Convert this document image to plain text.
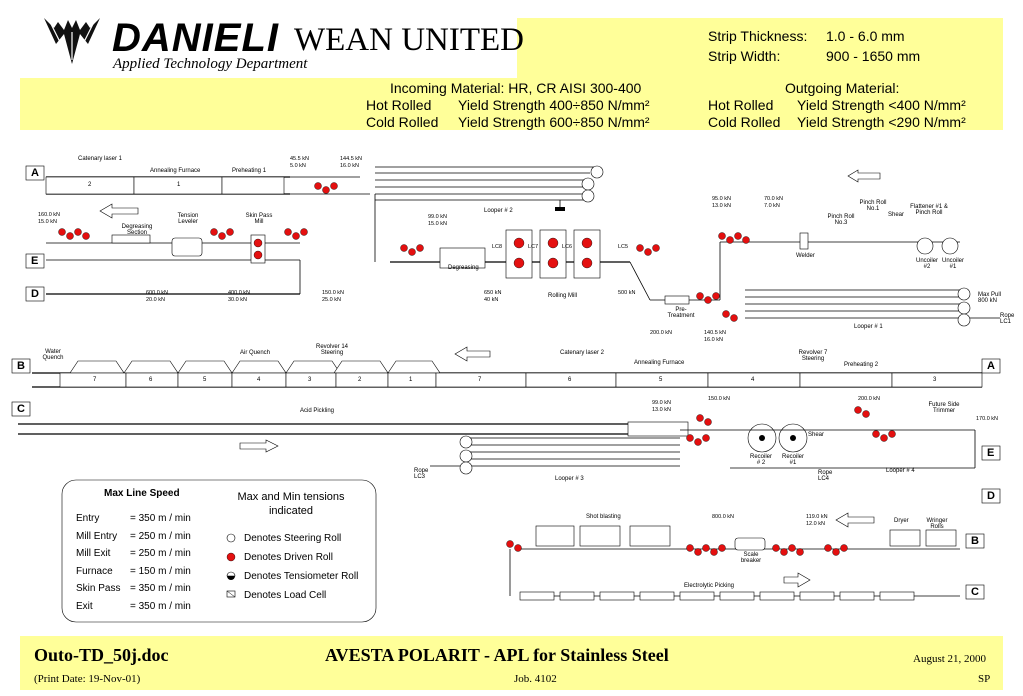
DANIELI WEAN UNITED
Applied Technology Department
Strip Thickness: 1.0 - 6.0 mm
Strip Width:	900 - 1650 mm
Incoming Material: HR, CR AISI 300-400
Hot Rolled Yield Strength 400÷850 N/mm²
Cold Rolled Yield Strength 600÷850 N/mm²
Outgoing Material:
Hot Rolled Yield Strength <400 N/mm²
Cold Rolled Yield Strength <290 N/mm²
A
E
D
B	A
C
E
D
B
C
Catenary laser 1
Annealing Furnace	Preheating 1
2	1
Degreasing Section
Tension Leveler
Skin Pass Mill
Looper # 2
Degreasing
Rolling Mill
Pre-Treatment
LC8	LC7	LC6	LC5
Welder
Uncoiler #2
Uncoiler #1
Pinch Roll No.1
Shear
Flattener #1 & Pinch Roll
Pinch Roll No.3
Looper # 1
Rope LC1
Max Pull 800 kN
Water Quench
Air Quench
Revolver 14 Steering	Catenary laser 2
Annealing Furnace
Revolver 7 Steering
Preheating 2
7	6	5	4	3	2	1	7	6	5	4	3
Acid Pickling
Looper # 3
Looper # 4
Recoiler # 2
Recoiler #1
Shear
Future Side Trimmer
Rope LC3
Rope LC4
Shot blasting
Scale breaker
Electrolytic Picking
Dryer	Wringer Rolls
45.5 kN
5.0 kN
144.5 kN
16.0 kN
160.0 kN
15.0 kN
99.0 kN
15.0 kN
95.0 kN
13.0 kN
70.0 kN
7.0 kN
600.0 kN
20.0 kN
400.0 kN
30.0 kN
150.0 kN
25.0 kN
650 kN
40 kN
500 kN
200.0 kN	140.5 kN
16.0 kN
99.0 kN
13.0 kN
150.0 kN	200.0 kN
170.0 kN
119.0 kN
12.0 kN
800.0 kN
Max Line Speed
Entry	= 350 m / min
Mill Entry = 250 m / min
Mill Exit = 250 m / min
Furnace = 150 m / min
Skin Pass = 350 m / min
Exit	= 350 m / min
Max and Min tensions indicated
Denotes Steering Roll
Denotes Driven Roll
Denotes Tensiometer Roll
Denotes Load Cell
Outo-TD_50j.doc
(Print Date: 19-Nov-01)
AVESTA POLARIT - APL for Stainless Steel
Job. 4102
August 21, 2000
SP
